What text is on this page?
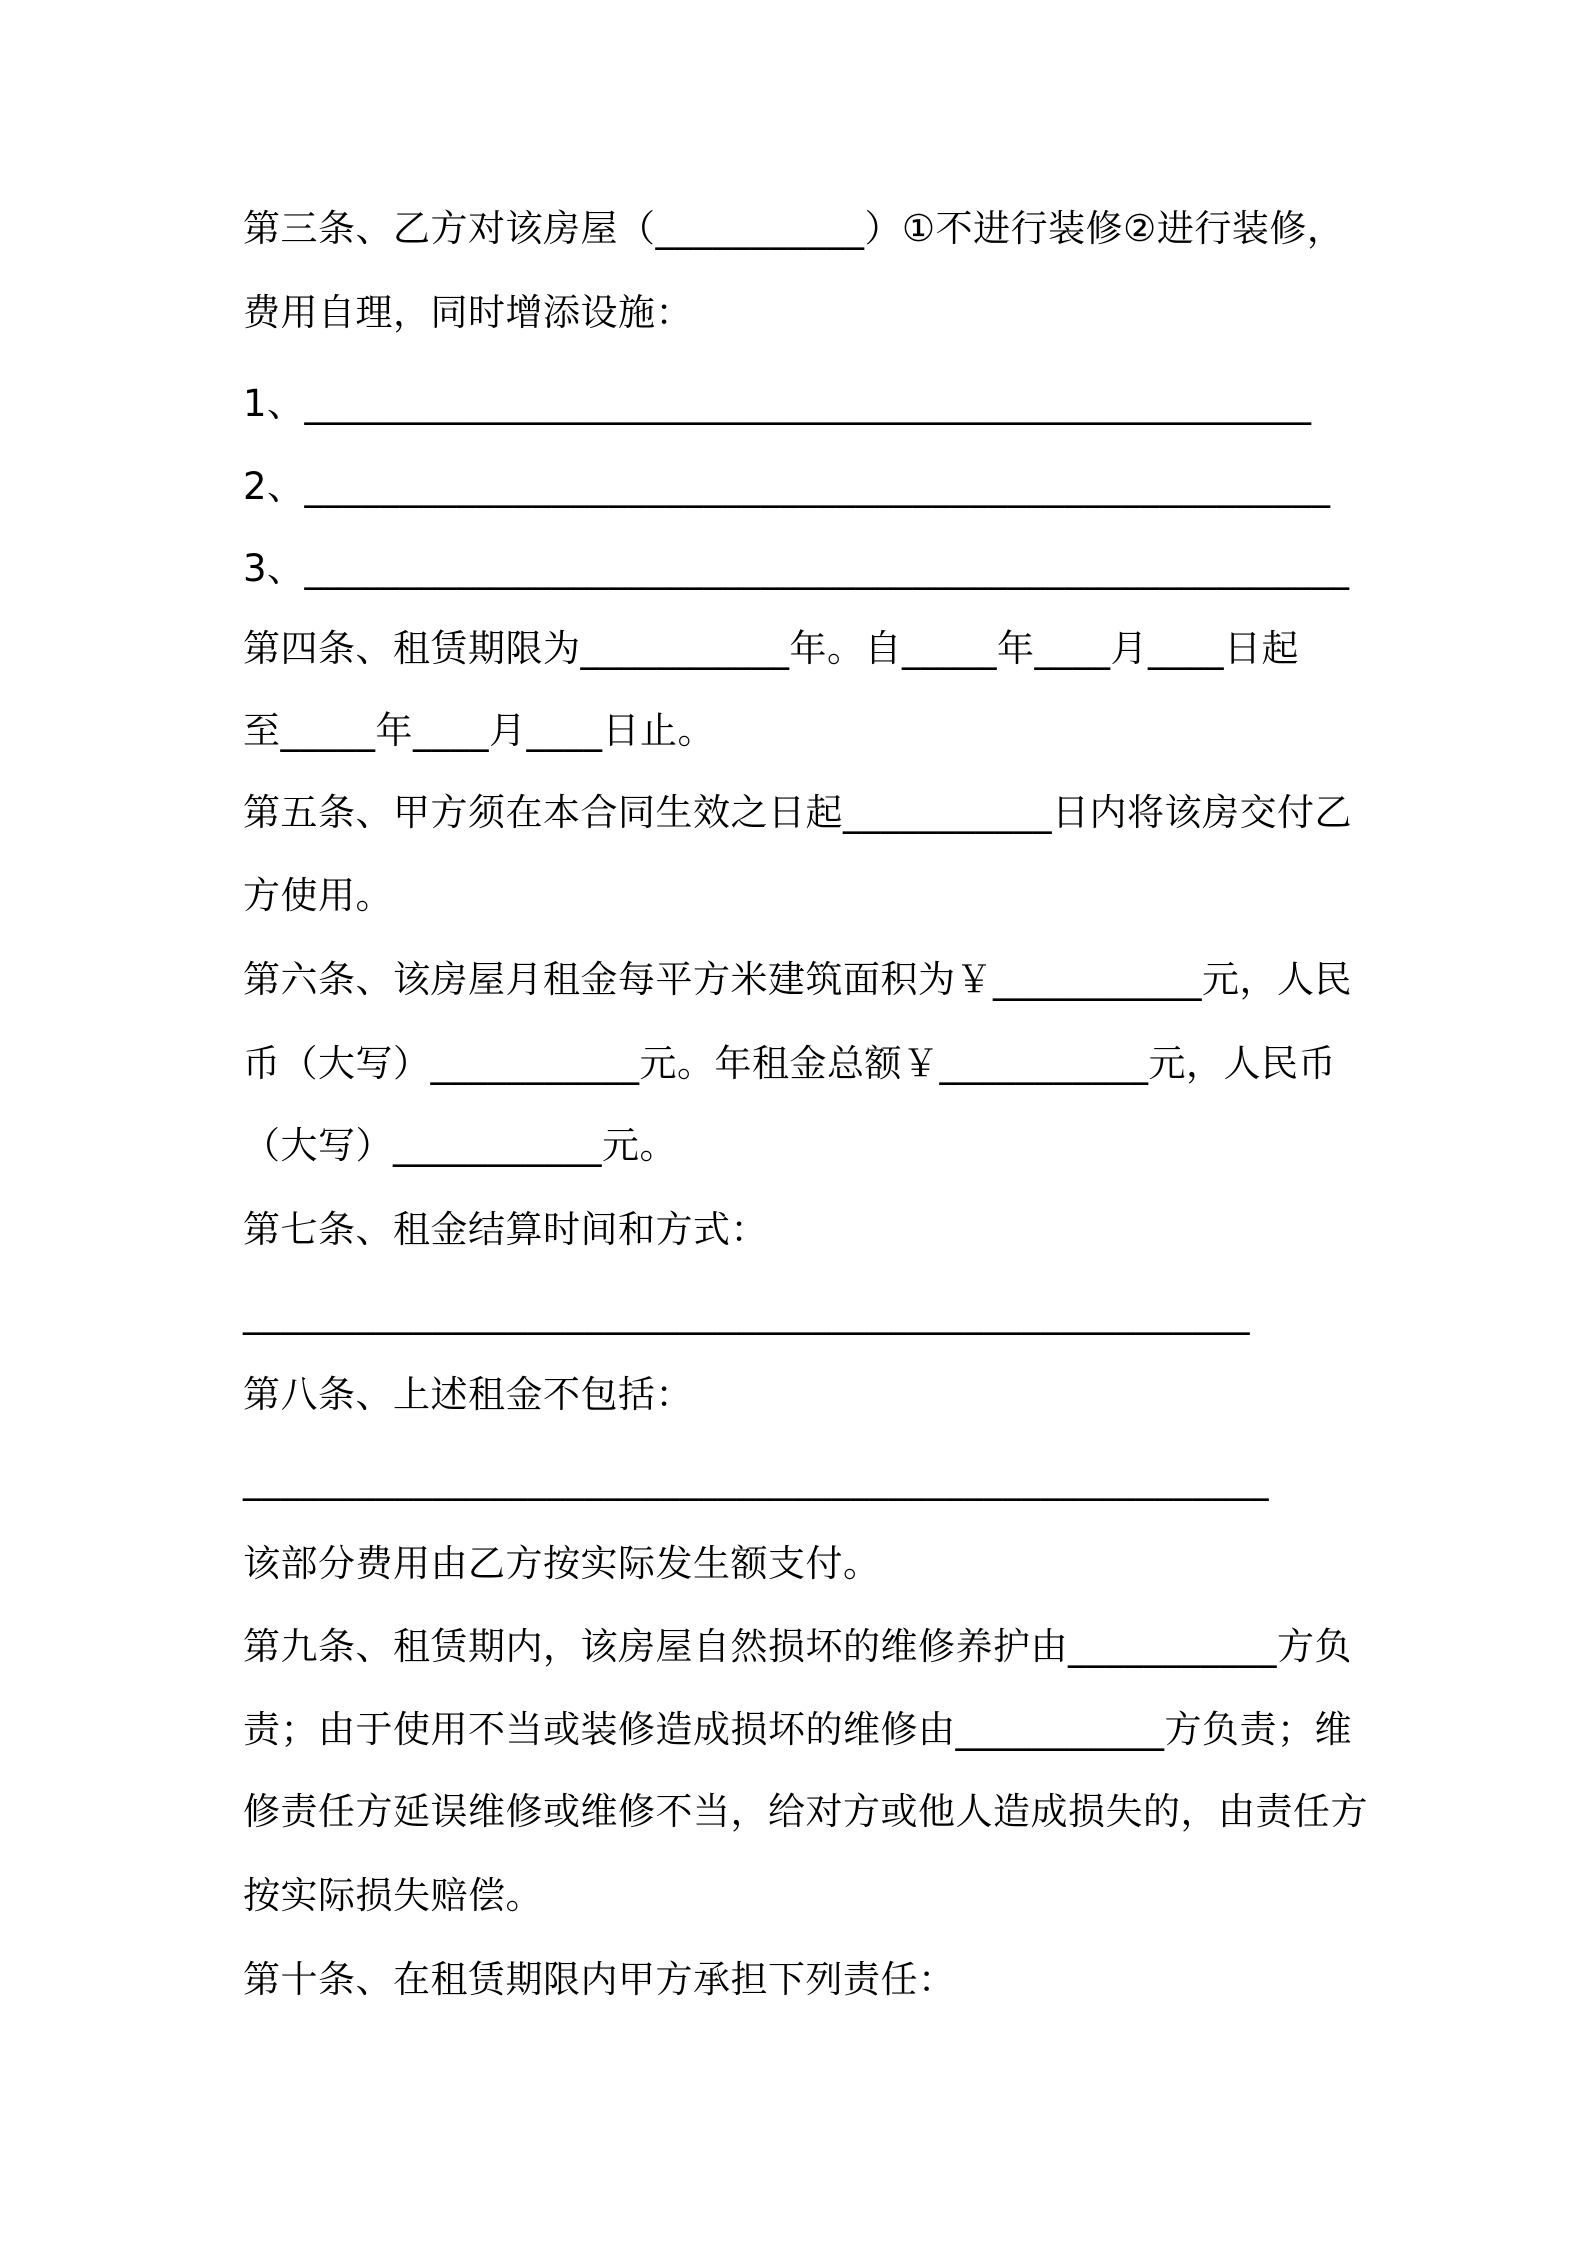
第三条、乙方对该房屋（___________）①不进行装修②进行装修，
费用自理，同时增添设施：
1、_____________________________________________________
2、______________________________________________________
3、_______________________________________________________
第四条、租赁期限为___________年。自_____年____月____日起
至_____年____月____日止。
第五条、甲方须在本合同生效之日起___________日内将该房交付乙
方使用。
第六条、该房屋月租金每平方米建筑面积为￥___________元，人民
币（大写）___________元。年租金总额￥___________元，人民币
（大写）___________元。
第七条、租金结算时间和方式：
_____________________________________________________
第八条、上述租金不包括：
______________________________________________________
该部分费用由乙方按实际发生额支付。
第九条、租赁期内，该房屋自然损坏的维修养护由___________方负
责；由于使用不当或装修造成损坏的维修由___________方负责；维
修责任方延误维修或维修不当，给对方或他人造成损失的，由责任方
按实际损失赔偿。
第十条、在租赁期限内甲方承担下列责任：
